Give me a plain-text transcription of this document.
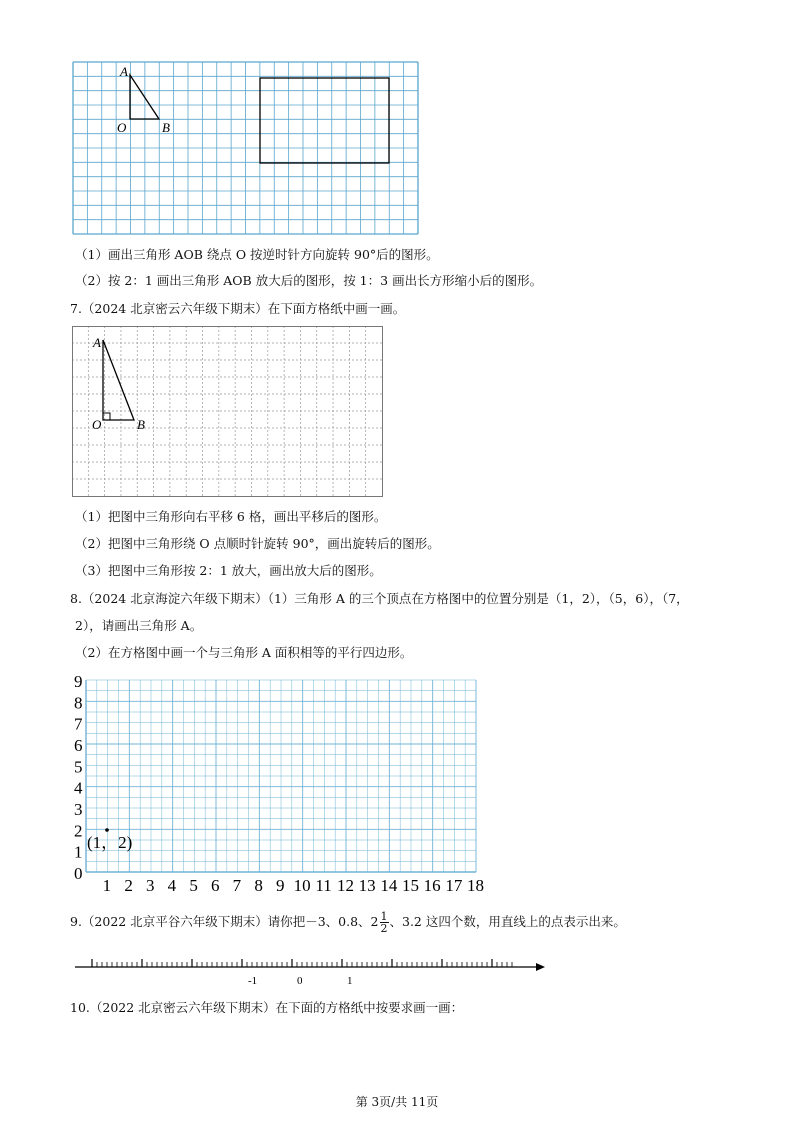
A
O	B
（1）画出三角形 AOB 绕点 O 按逆时针方向旋转 90°后的图形。
（2）按 2：1 画出三角形 AOB 放大后的图形，按 1：3 画出长方形缩小后的图形。
7.（2024 北京密云六年级下期末）在下面方格纸中画一画。
A
O	B
（1）把图中三角形向右平移 6 格，画出平移后的图形。
（2）把图中三角形绕 O 点顺时针旋转 90°，画出旋转后的图形。
（3）把图中三角形按 2：1 放大，画出放大后的图形。
8.（2024 北京海淀六年级下期末）（1）三角形 A 的三个顶点在方格图中的位置分别是（1，2），（5，6），（7，
2），请画出三角形 A。
（2）在方格图中画一个与三角形 A 面积相等的平行四边形。
0
1
2
3
4
5
6
7
8
9
1 2 3 4 5 6 7 8 9 10 11 12 13 14 15 16 17 18
(1，2)
9.（2022 北京平谷六年级下期末）请你把－3、0.8、$2 \frac{1}{2}$ 、3.2 这四个数，用直线上的点表示出来。
-1	0	1
10.（2022 北京密云六年级下期末）在下面的方格纸中按要求画一画：
第 3页/共 11页
